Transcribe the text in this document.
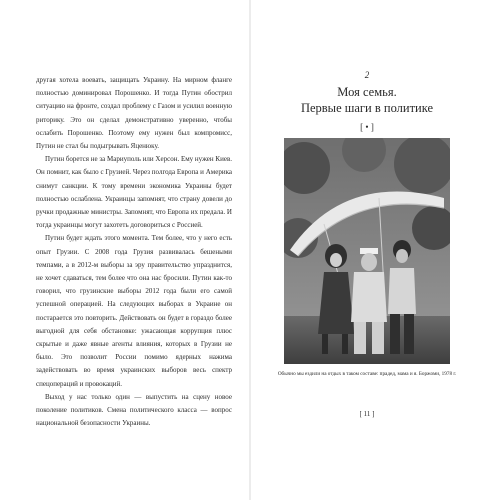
другая хотела воевать, защищать Украину. На мирном фланге полностью доминировал Порошенко. И тогда Путин обострил ситуацию на фронте, создал проблему с Газом и усилил военную риторику. Это он сделал демонстративно уверенно, чтобы ослабить Порошенко. Поэтому ему нужен был компромисс, Путин не стал бы подыгрывать Яценюку.

Путин борется не за Мариуполь или Херсон. Ему нужен Киев. Он помнит, как было с Грузией. Через полгода Европа и Америка снимут санкции. К тому времени экономика Украины будет полностью ослаблена. Украинцы запомнят, что страну довели до ручки продажные министры. Запомнят, что Европа их предала. И тогда украинцы могут захотеть договориться с Россией.

Путин будет ждать этого момента. Тем более, что у него есть опыт Грузии. С 2008 года Грузия развивалась бешеными темпами, а в 2012-м выборы за эру правительство упразднится, не хочет сдаваться, тем более что она нас бросили. Путин как-то говорил, что грузинские выборы 2012 года были его самой успешной операцией. На следующих выборах в Украине он постарается это повторить. Действовать он будет в гораздо более выгодной для себя обстановке: ужасающая коррупция плюс скрытые и даже явные агенты влияния, которых в Грузии не было. Это позволит России помимо ядерных нажима задействовать во время украинских выборов весь спектр спецопераций и провокаций.

Выход у нас только один — выпустить на сцену новое поколение политиков. Смена политического класса — вопрос национальной безопасности Украины.

2
Моя семья.
Первые шаги в политике
[ • ]
Обычно мы ездили на отдых в таком составе: прадед, мама и я. Боржоми, 1978 г.
[ 11 ]
